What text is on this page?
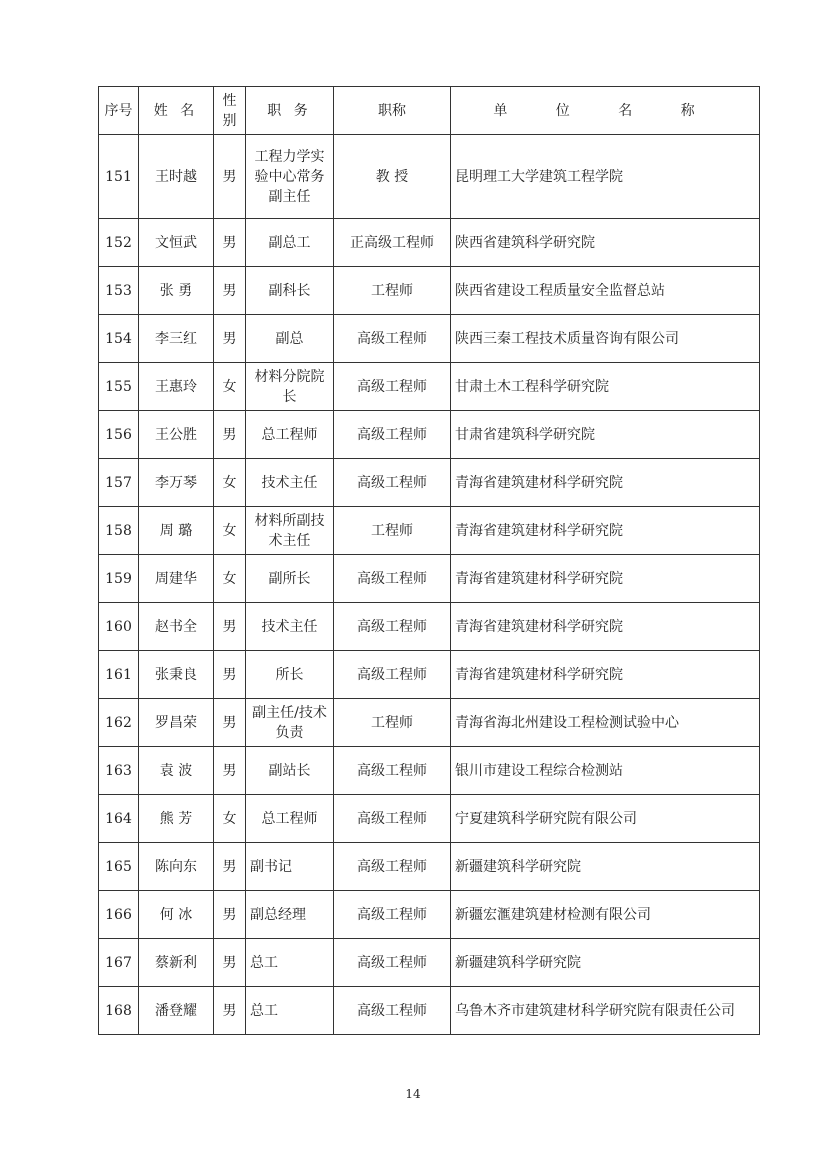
序号	姓 名	性别	职 务	职称	单 位 名 称
151	王时越	男	工程力学实验中心常务副主任	教 授	昆明理工大学建筑工程学院
152	文恒武	男	副总工	正高级工程师	陕西省建筑科学研究院
153	张 勇	男	副科长	工程师	陕西省建设工程质量安全监督总站
154	李三红	男	副总	高级工程师	陕西三秦工程技术质量咨询有限公司
155	王惠玲	女	材料分院院长	高级工程师	甘肃土木工程科学研究院
156	王公胜	男	总工程师	高级工程师	甘肃省建筑科学研究院
157	李万琴	女	技术主任	高级工程师	青海省建筑建材科学研究院
158	周 璐	女	材料所副技术主任	工程师	青海省建筑建材科学研究院
159	周建华	女	副所长	高级工程师	青海省建筑建材科学研究院
160	赵书全	男	技术主任	高级工程师	青海省建筑建材科学研究院
161	张秉良	男	所长	高级工程师	青海省建筑建材科学研究院
162	罗昌荣	男	副主任/技术负责	工程师	青海省海北州建设工程检测试验中心
163	袁 波	男	副站长	高级工程师	银川市建设工程综合检测站
164	熊 芳	女	总工程师	高级工程师	宁夏建筑科学研究院有限公司
165	陈向东	男	副书记	高级工程师	新疆建筑科学研究院
166	何 冰	男	副总经理	高级工程师	新疆宏滙建筑建材检测有限公司
167	蔡新利	男	总工	高级工程师	新疆建筑科学研究院
168	潘登耀	男	总工	高级工程师	乌鲁木齐市建筑建材科学研究院有限责任公司
14
